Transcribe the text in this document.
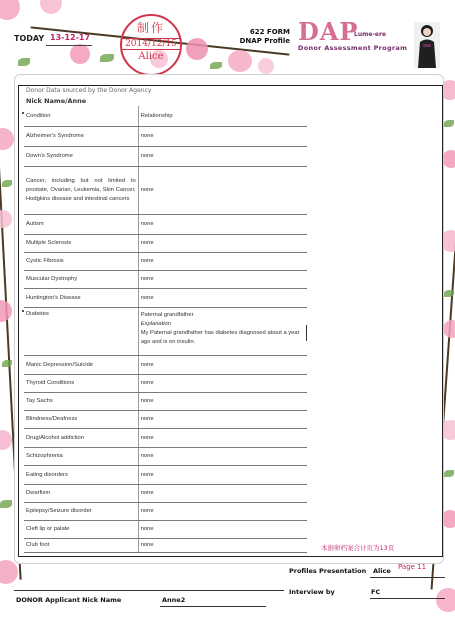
TODAY 13-12-17
制作
2014/12/15
Alice
622 FORM
DNAP Profile DAP
Lume-ere
Donor Assessment Program
Donor Data sourced by the Donor Agency
Nick Name/Anne
Condition	Relationship
Alzheimer's Syndrome	none
Down's Syndrome	none
Cancer, including but not limited to prostate, Ovarian, Leukemia, Skin Cancer, Hodgkins disease and intestinal cancers	none
Autism	none
Multiple Sclerosis	none
Cystic Fibrosis	none
Muscular Dystrophy	none
Huntington's Disease	none
Diabetes	Paternal grandfather
Explanation
My Paternal grandfather has diabetes diagnosed about a year ago and is on insulin.

Manic Depression/Suicide	none
Thyroid Conditions	none
Tay Sachs	none
Blindness/Deafness	none
Drug/Alcohol addiction	none
Schizophrenia	none
Eating disorders	none
Dwarfism	none
Epilepsy/Seizure disorder	none
Cleft lip or palate	none
Club foot	none	本捐卵档案合计页为13页
Page 11
Profiles Presentation Alice
Interview by	FC
DONOR Applicant Nick Name	Anne2
